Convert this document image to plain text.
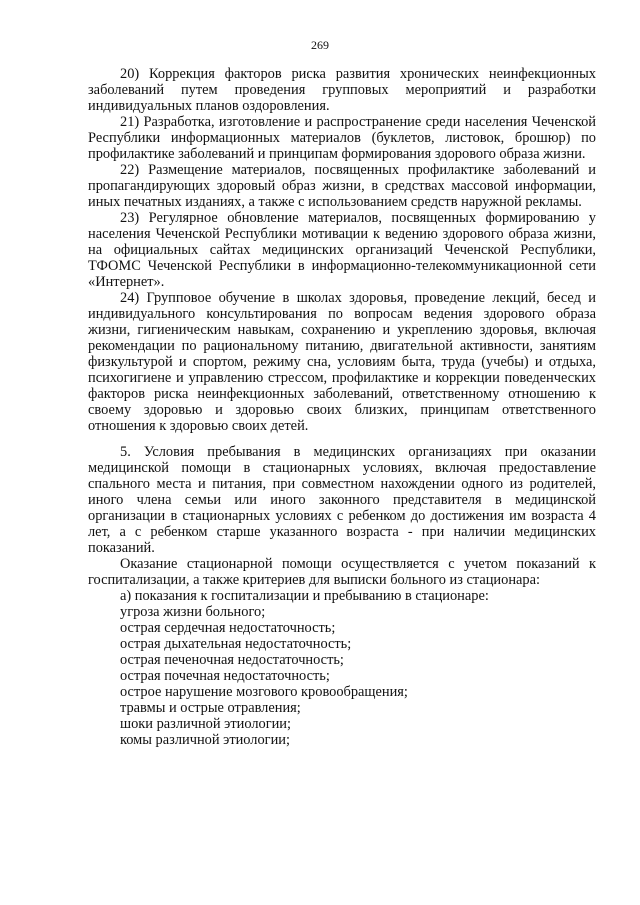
269

20) Коррекция факторов риска развития хронических неинфекционных заболеваний путем проведения групповых мероприятий и разработки индивидуальных планов оздоровления.

21) Разработка, изготовление и распространение среди населения Чеченской Республики информационных материалов (буклетов, листовок, брошюр) по профилактике заболеваний и принципам формирования здорового образа жизни.

22) Размещение материалов, посвященных профилактике заболеваний и пропагандирующих здоровый образ жизни, в средствах массовой информации, иных печатных изданиях, а также с использованием средств наружной рекламы.

23) Регулярное обновление материалов, посвященных формированию у населения Чеченской Республики мотивации к ведению здорового образа жизни, на официальных сайтах медицинских организаций Чеченской Республики, ТФОМС Чеченской Республики в информационно-телекоммуникационной сети «Интернет».

24) Групповое обучение в школах здоровья, проведение лекций, бесед и индивидуального консультирования по вопросам ведения здорового образа жизни, гигиеническим навыкам, сохранению и укреплению здоровья, включая рекомендации по рациональному питанию, двигательной активности, занятиям физкультурой и спортом, режиму сна, условиям быта, труда (учебы) и отдыха, психогигиене и управлению стрессом, профилактике и коррекции поведенческих факторов риска неинфекционных заболеваний, ответственному отношению к своему здоровью и здоровью своих близких, принципам ответственного отношения к здоровью своих детей.

5. Условия пребывания в медицинских организациях при оказании медицинской помощи в стационарных условиях, включая предоставление спального места и питания, при совместном нахождении одного из родителей, иного члена семьи или иного законного представителя в медицинской организации в стационарных условиях с ребенком до достижения им возраста 4 лет, а с ребенком старше указанного возраста - при наличии медицинских показаний.

Оказание стационарной помощи осуществляется с учетом показаний к госпитализации, а также критериев для выписки больного из стационара:

а) показания к госпитализации и пребыванию в стационаре:

угроза жизни больного;

острая сердечная недостаточность;

острая дыхательная недостаточность;

острая печеночная недостаточность;

острая почечная недостаточность;

острое нарушение мозгового кровообращения;

травмы и острые отравления;

шоки различной этиологии;

комы различной этиологии;
